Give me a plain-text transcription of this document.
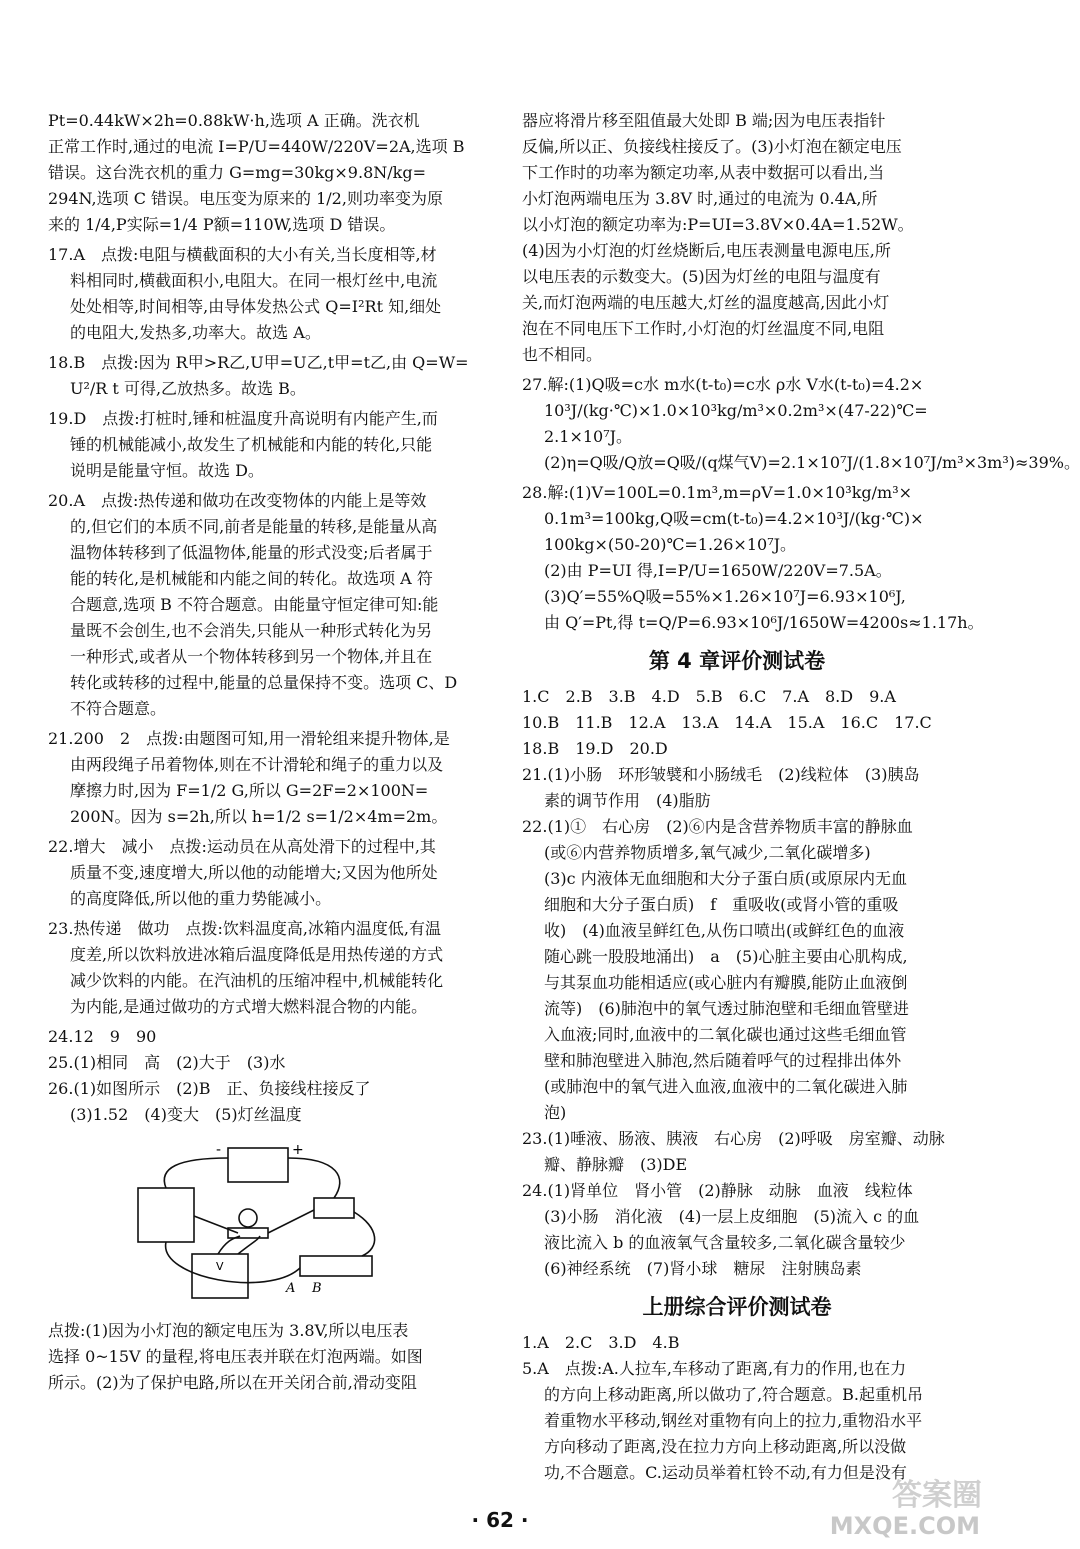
Pt=0.44kW×2h=0.88kW·h,选项 A 正确。洗衣机
正常工作时,通过的电流 I=P/U=440W/220V=2A,选项 B
错误。这台洗衣机的重力 G=mg=30kg×9.8N/kg=
294N,选项 C 错误。电压变为原来的 1/2,则功率变为原
来的 1/4,P实际=1/4 P额=110W,选项 D 错误。
17.A　点拨:电阻与横截面积的大小有关,当长度相等,材
料相同时,横截面积小,电阻大。在同一根灯丝中,电流
处处相等,时间相等,由导体发热公式 Q=I²Rt 知,细处
的电阻大,发热多,功率大。故选 A。
18.B　点拨:因为 R甲>R乙,U甲=U乙,t甲=t乙,由 Q=W=
U²/R t 可得,乙放热多。故选 B。
19.D　点拨:打桩时,锤和桩温度升高说明有内能产生,而
锤的机械能减小,故发生了机械能和内能的转化,只能
说明是能量守恒。故选 D。
20.A　点拨:热传递和做功在改变物体的内能上是等效
的,但它们的本质不同,前者是能量的转移,是能量从高
温物体转移到了低温物体,能量的形式没变;后者属于
能的转化,是机械能和内能之间的转化。故选项 A 符
合题意,选项 B 不符合题意。由能量守恒定律可知:能
量既不会创生,也不会消失,只能从一种形式转化为另
一种形式,或者从一个物体转移到另一个物体,并且在
转化或转移的过程中,能量的总量保持不变。选项 C、D
不符合题意。
21.200　2　点拨:由题图可知,用一滑轮组来提升物体,是
由两段绳子吊着物体,则在不计滑轮和绳子的重力以及
摩擦力时,因为 F=1/2 G,所以 G=2F=2×100N=
200N。因为 s=2h,所以 h=1/2 s=1/2×4m=2m。
22.增大　减小　点拨:运动员在从高处滑下的过程中,其
质量不变,速度增大,所以他的动能增大;又因为他所处
的高度降低,所以他的重力势能减小。
23.热传递　做功　点拨:饮料温度高,冰箱内温度低,有温
度差,所以饮料放进冰箱后温度降低是用热传递的方式
减少饮料的内能。在汽油机的压缩冲程中,机械能转化
为内能,是通过做功的方式增大燃料混合物的内能。
24.12　9　90
25.(1)相同　高　(2)大于　(3)水
26.(1)如图所示　(2)B　正、负接线柱接反了
(3)1.52　(4)变大　(5)灯丝温度
-	+
V
A B
点拨:(1)因为小灯泡的额定电压为 3.8V,所以电压表
选择 0~15V 的量程,将电压表并联在灯泡两端。如图
所示。(2)为了保护电路,所以在开关闭合前,滑动变阻
器应将滑片移至阻值最大处即 B 端;因为电压表指针
反偏,所以正、负接线柱接反了。(3)小灯泡在额定电压
下工作时的功率为额定功率,从表中数据可以看出,当
小灯泡两端电压为 3.8V 时,通过的电流为 0.4A,所
以小灯泡的额定功率为:P=UI=3.8V×0.4A=1.52W。
(4)因为小灯泡的灯丝烧断后,电压表测量电源电压,所
以电压表的示数变大。(5)因为灯丝的电阻与温度有
关,而灯泡两端的电压越大,灯丝的温度越高,因此小灯
泡在不同电压下工作时,小灯泡的灯丝温度不同,电阻
也不相同。
27.解:(1)Q吸=c水 m水(t-t₀)=c水 ρ水 V水(t-t₀)=4.2×
10³J/(kg·℃)×1.0×10³kg/m³×0.2m³×(47-22)℃=
2.1×10⁷J。
(2)η=Q吸/Q放=Q吸/(q煤气V)=2.1×10⁷J/(1.8×10⁷J/m³×3m³)≈39%。
28.解:(1)V=100L=0.1m³,m=ρV=1.0×10³kg/m³×
0.1m³=100kg,Q吸=cm(t-t₀)=4.2×10³J/(kg·℃)×
100kg×(50-20)℃=1.26×10⁷J。
(2)由 P=UI 得,I=P/U=1650W/220V=7.5A。
(3)Q′=55%Q吸=55%×1.26×10⁷J=6.93×10⁶J,
由 Q′=Pt,得 t=Q/P=6.93×10⁶J/1650W=4200s≈1.17h。
第 4 章评价测试卷
1.C　2.B　3.B　4.D　5.B　6.C　7.A　8.D　9.A
10.B　11.B　12.A　13.A　14.A　15.A　16.C　17.C
18.B　19.D　20.D
21.(1)小肠　环形皱襞和小肠绒毛　(2)线粒体　(3)胰岛
素的调节作用　(4)脂肪
22.(1)①　右心房　(2)⑥内是含营养物质丰富的静脉血
(或⑥内营养物质增多,氧气减少,二氧化碳增多)
(3)c 内液体无血细胞和大分子蛋白质(或原尿内无血
细胞和大分子蛋白质)　f　重吸收(或肾小管的重吸
收)　(4)血液呈鲜红色,从伤口喷出(或鲜红色的血液
随心跳一股股地涌出)　a　(5)心脏主要由心肌构成,
与其泵血功能相适应(或心脏内有瓣膜,能防止血液倒
流等)　(6)肺泡中的氧气透过肺泡壁和毛细血管壁进
入血液;同时,血液中的二氧化碳也通过这些毛细血管
壁和肺泡壁进入肺泡,然后随着呼气的过程排出体外
(或肺泡中的氧气进入血液,血液中的二氧化碳进入肺
泡)
23.(1)唾液、肠液、胰液　右心房　(2)呼吸　房室瓣、动脉
瓣、静脉瓣　(3)DE
24.(1)肾单位　肾小管　(2)静脉　动脉　血液　线粒体
(3)小肠　消化液　(4)一层上皮细胞　(5)流入 c 的血
液比流入 b 的血液氧气含量较多,二氧化碳含量较少
(6)神经系统　(7)肾小球　糖尿　注射胰岛素
上册综合评价测试卷
1.A　2.C　3.D　4.B
5.A　点拨:A.人拉车,车移动了距离,有力的作用,也在力
的方向上移动距离,所以做功了,符合题意。B.起重机吊
着重物水平移动,钢丝对重物有向上的拉力,重物沿水平
方向移动了距离,没在拉力方向上移动距离,所以没做
功,不合题意。C.运动员举着杠铃不动,有力但是没有
· 62 ·
答案圈
MXQE.COM
